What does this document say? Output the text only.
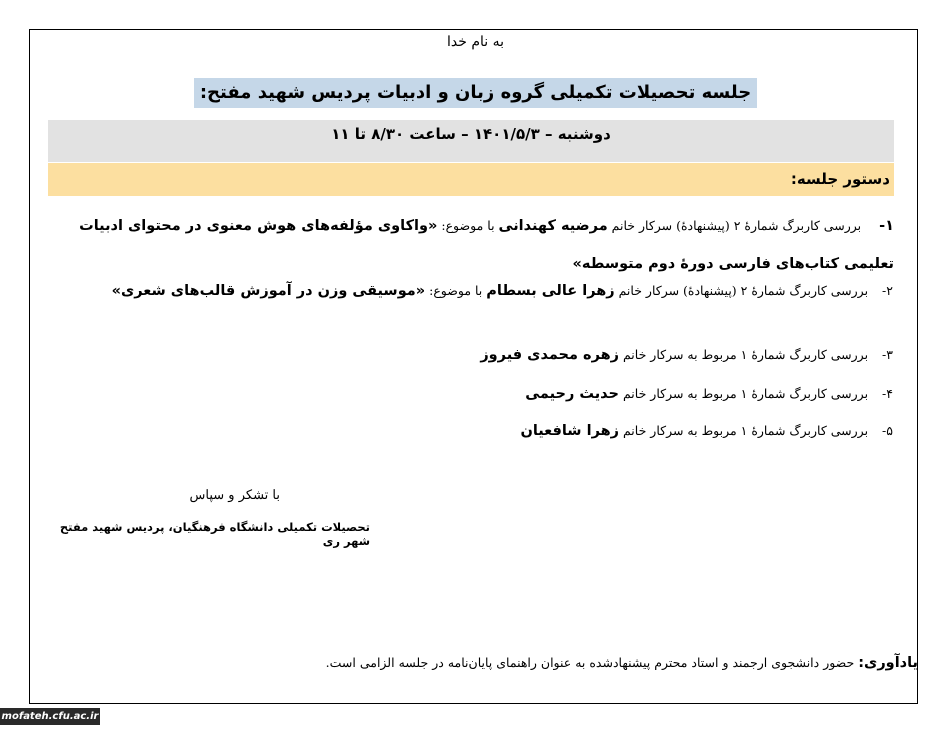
به نام خدا
جلسه تحصیلات تکمیلی گروه زبان و ادبیات پردیس شهید مفتح:
دوشنبه – ۱۴۰۱/۵/۳ – ساعت ۸/۳۰ تا ۱۱
دستور جلسه:
۱- بررسی کاربرگ شمارهٔ ۲ (پیشنهادهٔ) سرکار خانم مرضیه کهندانی با موضوع: «واکاوی مؤلفه‌های هوش معنوی در محتوای ادبیات تعلیمی کتاب‌های فارسی دورهٔ دوم متوسطه»
۲- بررسی کاربرگ شمارهٔ ۲ (پیشنهادهٔ) سرکار خانم زهرا عالی بسطام با موضوع: «موسیقی وزن در آموزش قالب‌های شعری»
۳- بررسی کاربرگ شمارهٔ ۱ مربوط به سرکار خانم زهره محمدی فیروز
۴- بررسی کاربرگ شمارهٔ ۱ مربوط به سرکار خانم حدیث رحیمی
۵- بررسی کاربرگ شمارهٔ ۱ مربوط به سرکار خانم زهرا شافعیان
با تشکر و سپاس
تحصیلات تکمیلی دانشگاه فرهنگیان، پردیس شهید مفتح شهر ری
یادآوری: حضور دانشجوی ارجمند و استاد محترم پیشنهادشده به عنوان راهنمای پایان‌نامه در جلسه الزامی است.
mofateh.cfu.ac.ir
